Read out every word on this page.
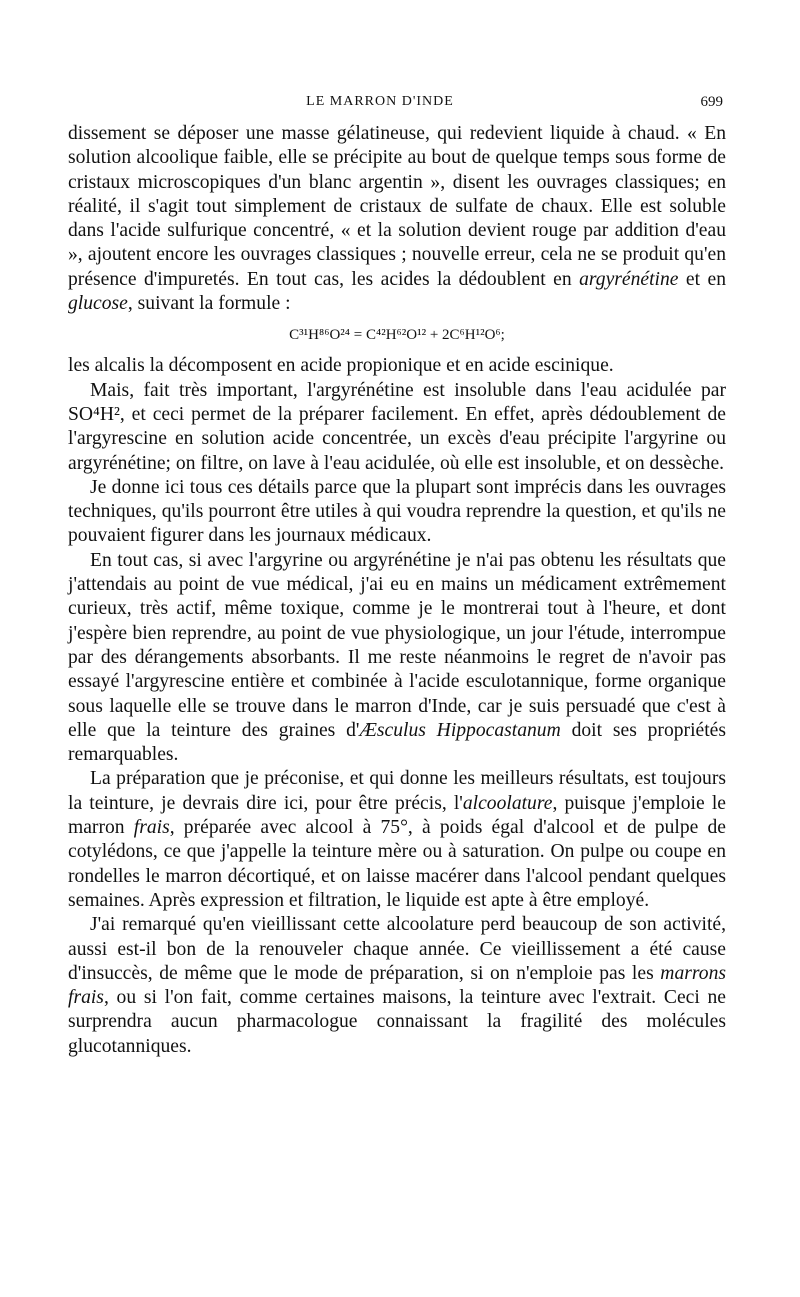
LE MARRON D'INDE	699

dissement se déposer une masse gélatineuse, qui redevient liquide à chaud. « En solution alcoolique faible, elle se précipite au bout de quelque temps sous forme de cristaux microscopiques d'un blanc argentin », disent les ouvrages classiques; en réalité, il s'agit tout simplement de cristaux de sulfate de chaux. Elle est soluble dans l'acide sulfurique concentré, « et la solution devient rouge par addition d'eau », ajoutent encore les ouvrages classiques ; nouvelle erreur, cela ne se produit qu'en présence d'impuretés. En tout cas, les acides la dédoublent en argyrénétine et en glucose, suivant la formule :

C³¹H⁸⁶O²⁴ = C⁴²H⁶²O¹² + 2C⁶H¹²O⁶;

les alcalis la décomposent en acide propionique et en acide escinique.

Mais, fait très important, l'argyrénétine est insoluble dans l'eau acidulée par SO⁴H², et ceci permet de la préparer facilement. En effet, après dédoublement de l'argyrescine en solution acide concentrée, un excès d'eau précipite l'argyrine ou argyrénétine; on filtre, on lave à l'eau acidulée, où elle est insoluble, et on dessèche.

Je donne ici tous ces détails parce que la plupart sont imprécis dans les ouvrages techniques, qu'ils pourront être utiles à qui voudra reprendre la question, et qu'ils ne pouvaient figurer dans les journaux médicaux.

En tout cas, si avec l'argyrine ou argyrénétine je n'ai pas obtenu les résultats que j'attendais au point de vue médical, j'ai eu en mains un médicament extrêmement curieux, très actif, même toxique, comme je le montrerai tout à l'heure, et dont j'espère bien reprendre, au point de vue physiologique, un jour l'étude, interrompue par des dérangements absorbants. Il me reste néanmoins le regret de n'avoir pas essayé l'argyrescine entière et combinée à l'acide esculotannique, forme organique sous laquelle elle se trouve dans le marron d'Inde, car je suis persuadé que c'est à elle que la teinture des graines d'Æsculus Hippocastanum doit ses propriétés remarquables.

La préparation que je préconise, et qui donne les meilleurs résultats, est toujours la teinture, je devrais dire ici, pour être précis, l'alcoolature, puisque j'emploie le marron frais, préparée avec alcool à 75°, à poids égal d'alcool et de pulpe de cotylédons, ce que j'appelle la teinture mère ou à saturation. On pulpe ou coupe en rondelles le marron décortiqué, et on laisse macérer dans l'alcool pendant quelques semaines. Après expression et filtration, le liquide est apte à être employé.

J'ai remarqué qu'en vieillissant cette alcoolature perd beaucoup de son activité, aussi est-il bon de la renouveler chaque année. Ce vieillissement a été cause d'insuccès, de même que le mode de préparation, si on n'emploie pas les marrons frais, ou si l'on fait, comme certaines maisons, la teinture avec l'extrait. Ceci ne surprendra aucun pharmacologue connaissant la fragilité des molécules glucotanniques.
